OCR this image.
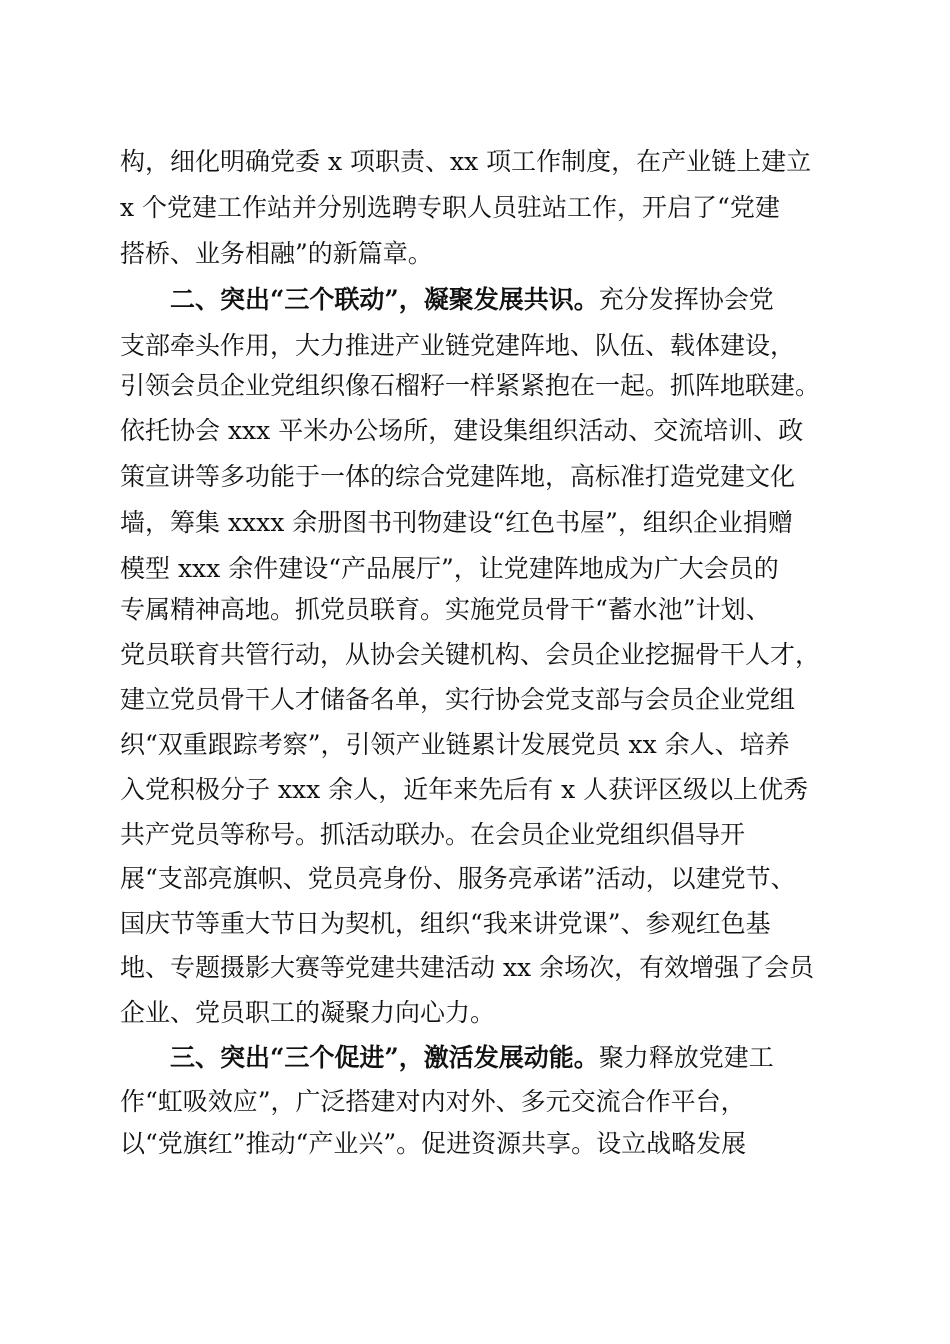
构，细化明确党委 x 项职责、xx 项工作制度，在产业链上建立
x 个党建工作站并分别选聘专职人员驻站工作，开启了“党建
搭桥、业务相融”的新篇章。
二、突出“三个联动”，凝聚发展共识。充分发挥协会党
支部牵头作用，大力推进产业链党建阵地、队伍、载体建设，
引领会员企业党组织像石榴籽一样紧紧抱在一起。抓阵地联建。
依托协会 xxx 平米办公场所，建设集组织活动、交流培训、政
策宣讲等多功能于一体的综合党建阵地，高标准打造党建文化
墙，筹集 xxxx 余册图书刊物建设“红色书屋”，组织企业捐赠
模型 xxx 余件建设“产品展厅”，让党建阵地成为广大会员的
专属精神高地。抓党员联育。实施党员骨干“蓄水池”计划、
党员联育共管行动，从协会关键机构、会员企业挖掘骨干人才，
建立党员骨干人才储备名单，实行协会党支部与会员企业党组
织“双重跟踪考察”，引领产业链累计发展党员 xx 余人、培养
入党积极分子 xxx 余人，近年来先后有 x 人获评区级以上优秀
共产党员等称号。抓活动联办。在会员企业党组织倡导开
展“支部亮旗帜、党员亮身份、服务亮承诺”活动，以建党节、
国庆节等重大节日为契机，组织“我来讲党课”、参观红色基
地、专题摄影大赛等党建共建活动 xx 余场次，有效增强了会员
企业、党员职工的凝聚力向心力。
三、突出“三个促进”，激活发展动能。聚力释放党建工
作“虹吸效应”，广泛搭建对内对外、多元交流合作平台，
以“党旗红”推动“产业兴”。促进资源共享。设立战略发展
